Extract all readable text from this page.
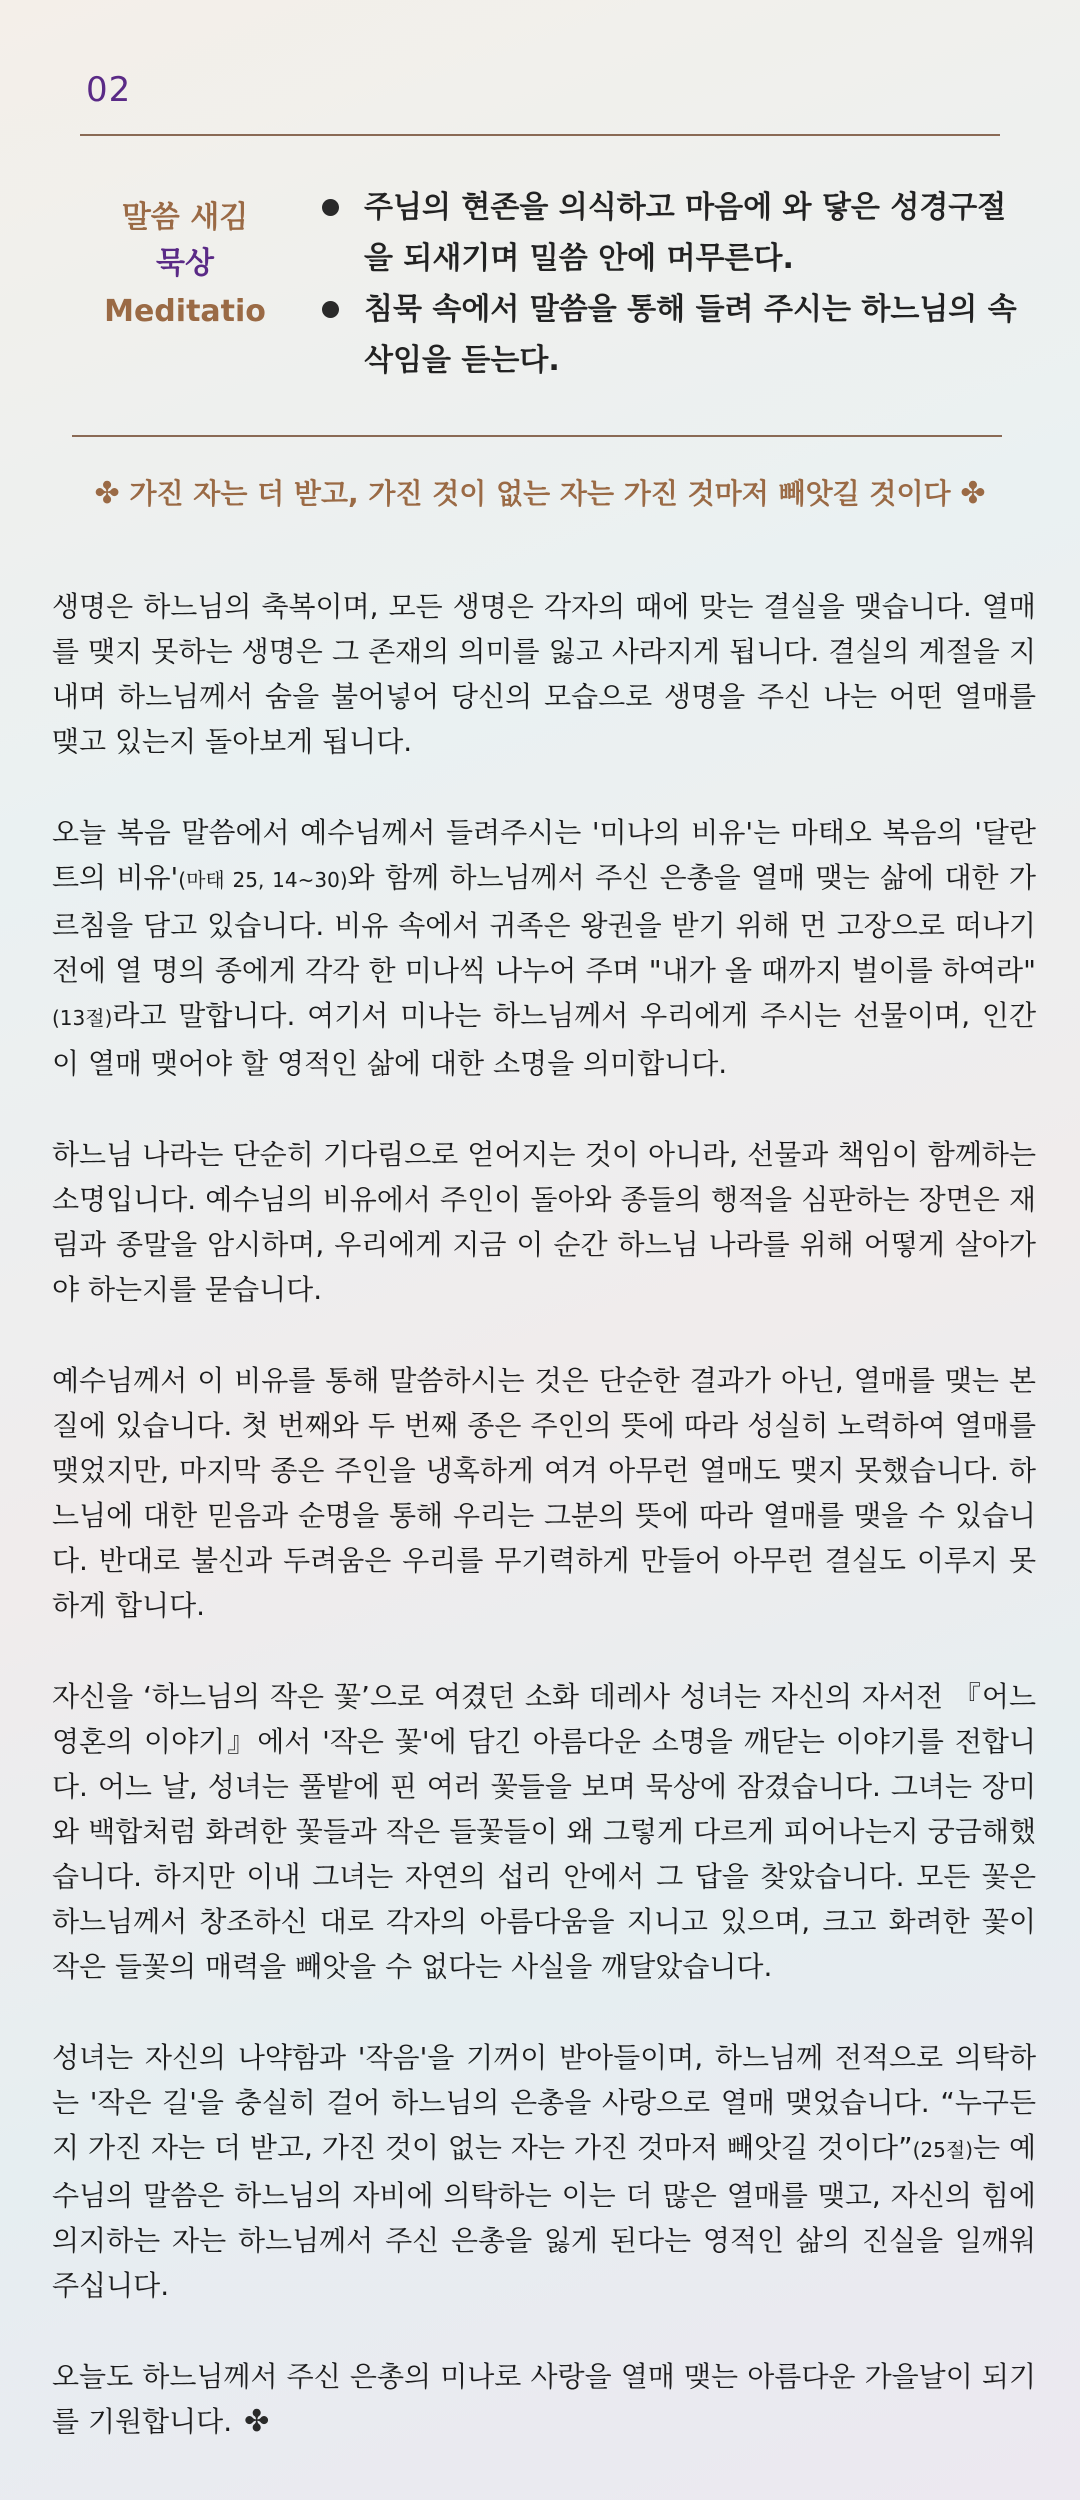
02
말씀 새김
묵상
Meditatio
주님의 현존을 의식하고 마음에 와 닿은 성경구절을 되새기며 밀씀 안에 머무른다.
침묵 속에서 말씀을 통해 들려 주시는 하느님의 속삭임을 듣는다.
✤ 가진 자는 더 받고, 가진 것이 없는 자는 가진 것마저 빼앗길 것이다 ✤

생명은 하느님의 축복이며, 모든 생명은 각자의 때에 맞는 결실을 맺습니다. 열매를 맺지 못하는 생명은 그 존재의 의미를 잃고 사라지게 됩니다. 결실의 계절을 지내며 하느님께서 숨을 불어넣어 당신의 모습으로 생명을 주신 나는 어떤 열매를 맺고 있는지 돌아보게 됩니다.

오늘 복음 말씀에서 예수님께서 들려주시는 '미나의 비유'는 마태오 복음의 '달란트의 비유'(마태 25, 14~30)와 함께 하느님께서 주신 은총을 열매 맺는 삶에 대한 가르침을 담고 있습니다. 비유 속에서 귀족은 왕권을 받기 위해 먼 고장으로 떠나기 전에 열 명의 종에게 각각 한 미나씩 나누어 주며 "내가 올 때까지 벌이를 하여라"(13절)라고 말합니다. 여기서 미나는 하느님께서 우리에게 주시는 선물이며, 인간이 열매 맺어야 할 영적인 삶에 대한 소명을 의미합니다.

하느님 나라는 단순히 기다림으로 얻어지는 것이 아니라, 선물과 책임이 함께하는 소명입니다. 예수님의 비유에서 주인이 돌아와 종들의 행적을 심판하는 장면은 재림과 종말을 암시하며, 우리에게 지금 이 순간 하느님 나라를 위해 어떻게 살아가야 하는지를 묻습니다.

예수님께서 이 비유를 통해 말씀하시는 것은 단순한 결과가 아닌, 열매를 맺는 본질에 있습니다. 첫 번째와 두 번째 종은 주인의 뜻에 따라 성실히 노력하여 열매를 맺었지만, 마지막 종은 주인을 냉혹하게 여겨 아무런 열매도 맺지 못했습니다. 하느님에 대한 믿음과 순명을 통해 우리는 그분의 뜻에 따라 열매를 맺을 수 있습니다. 반대로 불신과 두려움은 우리를 무기력하게 만들어 아무런 결실도 이루지 못하게 합니다.

자신을 ‘하느님의 작은 꽃’으로 여겼던 소화 데레사 성녀는 자신의 자서전 『어느 영혼의 이야기』에서 '작은 꽃'에 담긴 아름다운 소명을 깨닫는 이야기를 전합니다. 어느 날, 성녀는 풀밭에 핀 여러 꽃들을 보며 묵상에 잠겼습니다. 그녀는 장미와 백합처럼 화려한 꽃들과 작은 들꽃들이 왜 그렇게 다르게 피어나는지 궁금해했습니다. 하지만 이내 그녀는 자연의 섭리 안에서 그 답을 찾았습니다. 모든 꽃은 하느님께서 창조하신 대로 각자의 아름다움을 지니고 있으며, 크고 화려한 꽃이 작은 들꽃의 매력을 빼앗을 수 없다는 사실을 깨달았습니다.

성녀는 자신의 나약함과 '작음'을 기꺼이 받아들이며, 하느님께 전적으로 의탁하는 '작은 길'을 충실히 걸어 하느님의 은총을 사랑으로 열매 맺었습니다. “누구든지 가진 자는 더 받고, 가진 것이 없는 자는 가진 것마저 빼앗길 것이다”(25절)는 예수님의 말씀은 하느님의 자비에 의탁하는 이는 더 많은 열매를 맺고, 자신의 힘에 의지하는 자는 하느님께서 주신 은총을 잃게 된다는 영적인 삶의 진실을 일깨워 주십니다.

오늘도 하느님께서 주신 은총의 미나로 사랑을 열매 맺는 아름다운 가을날이 되기를 기원합니다. ✤
